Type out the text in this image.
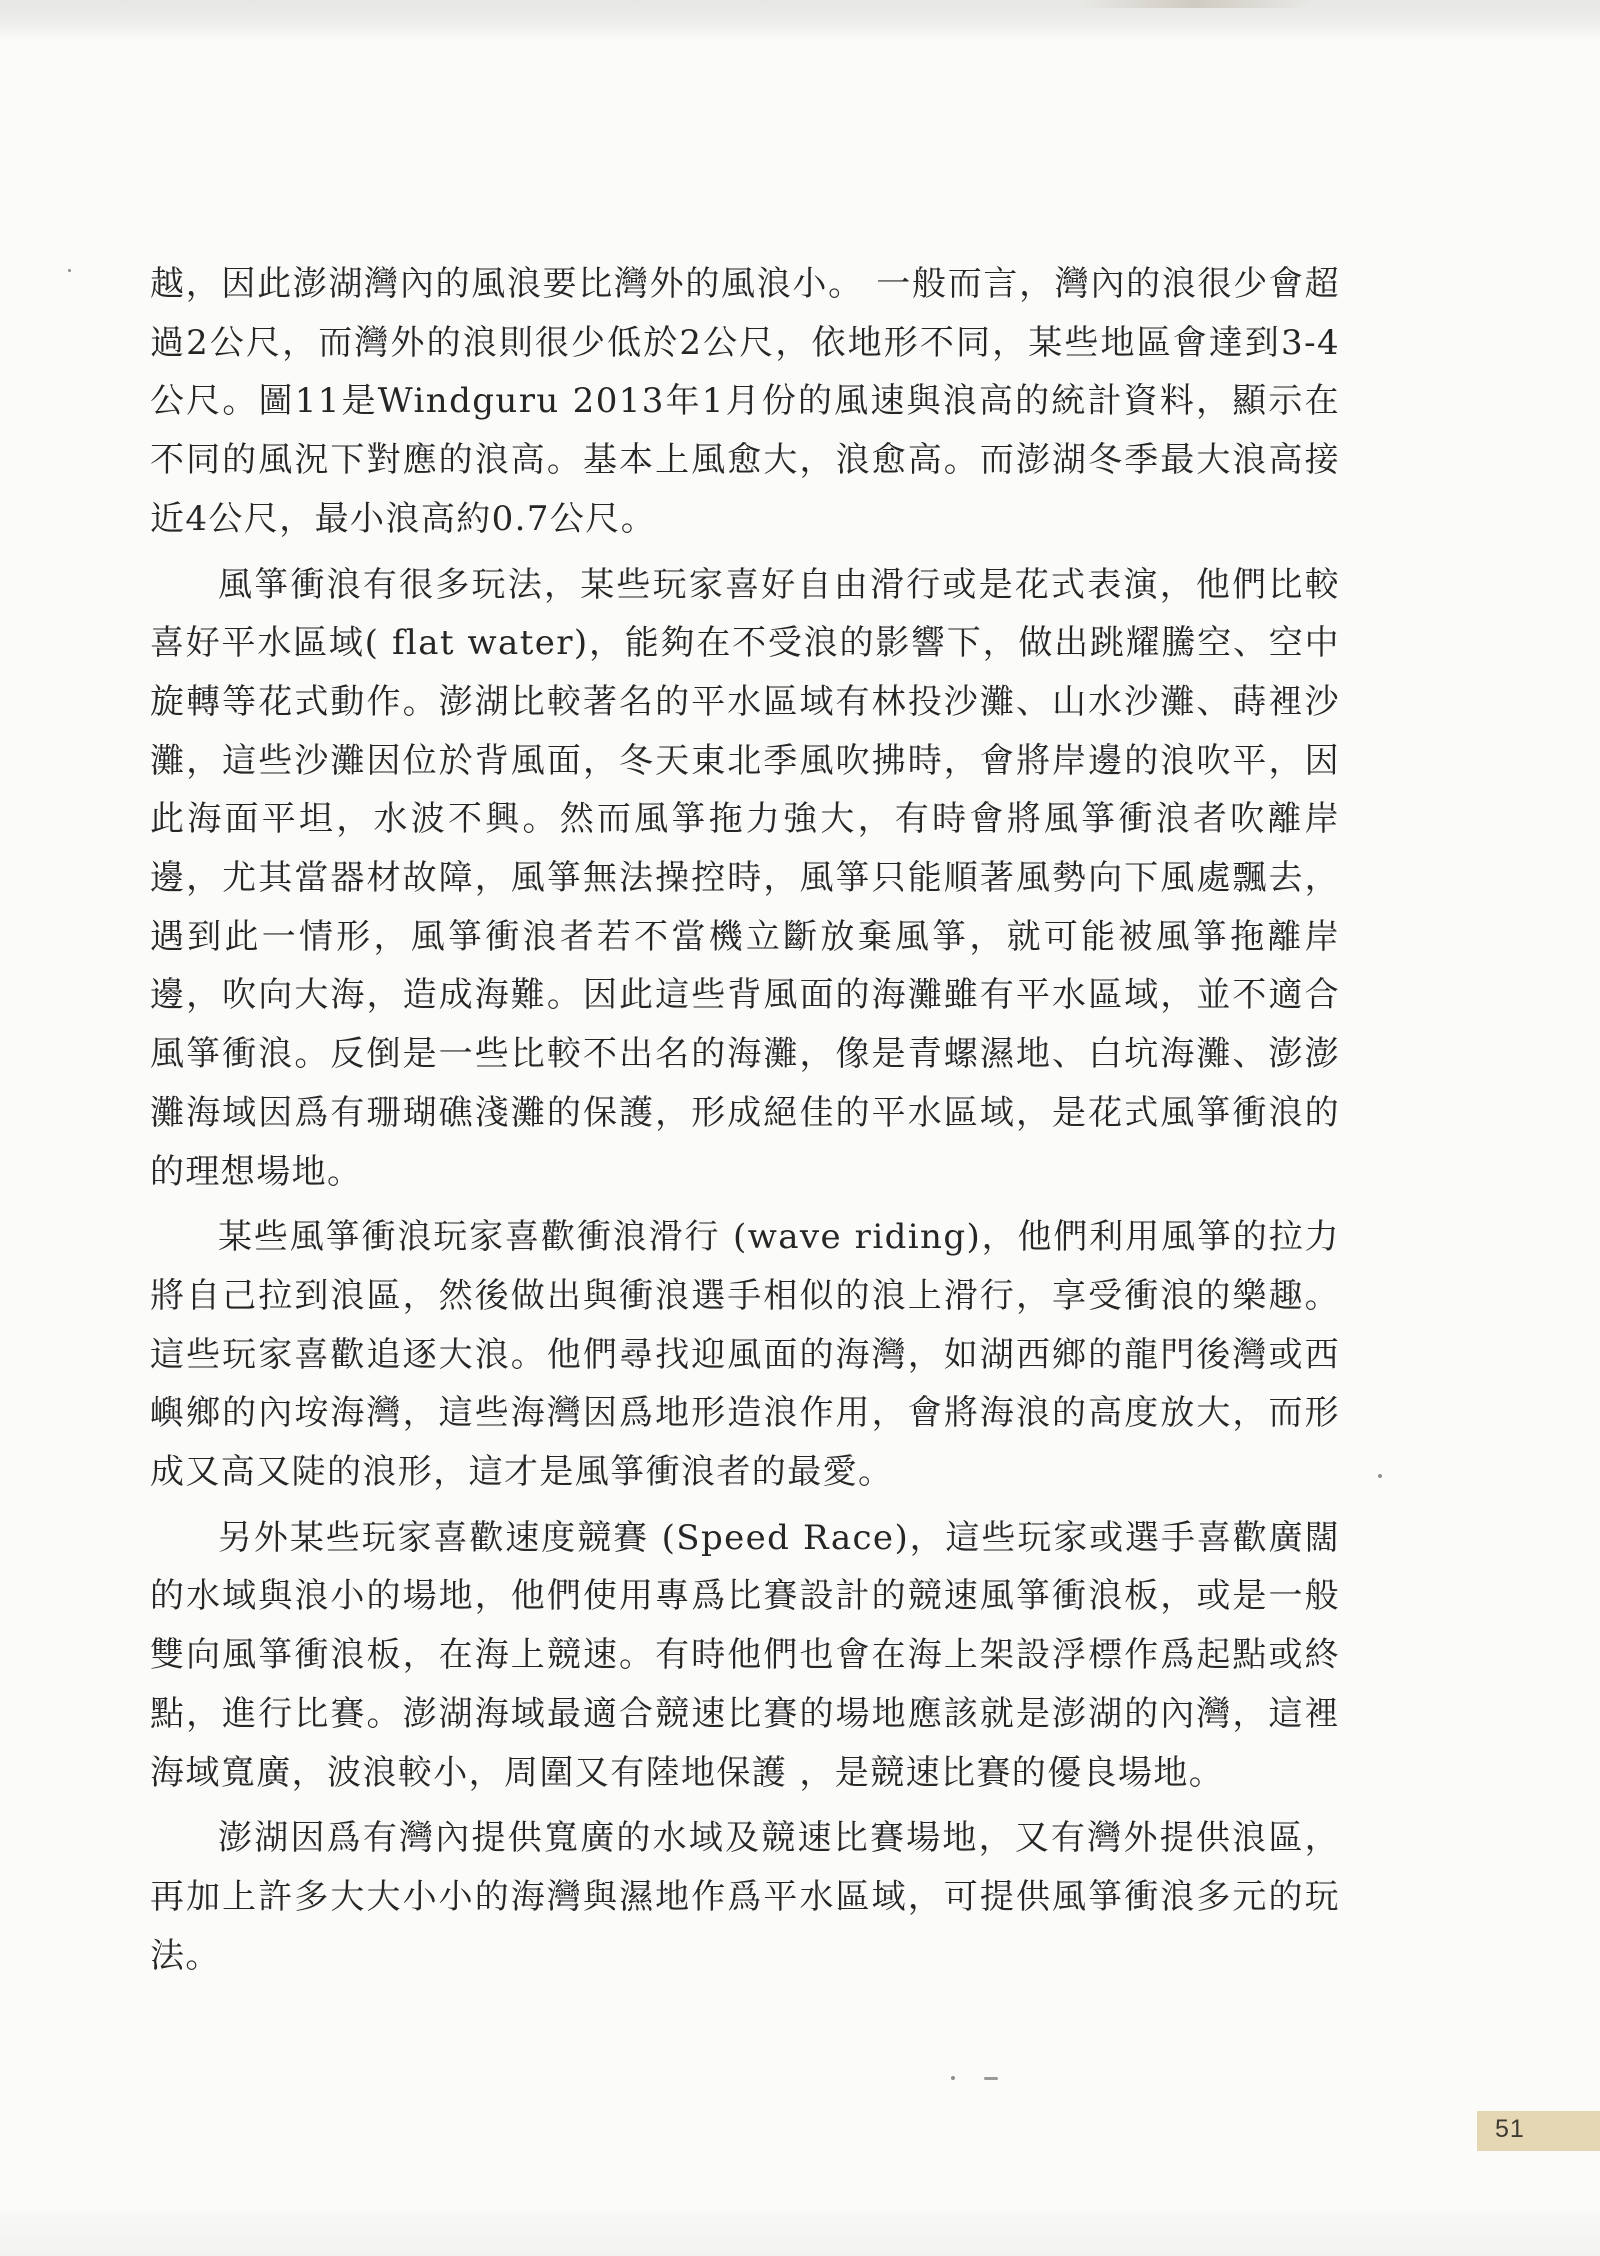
越，因此澎湖灣內的風浪要比灣外的風浪小。 一般而言，灣內的浪很少會超過2公尺，而灣外的浪則很少低於2公尺，依地形不同，某些地區會達到3-4公尺。圖11是Windguru 2013年1月份的風速與浪高的統計資料，顯示在不同的風況下對應的浪高。基本上風愈大，浪愈高。而澎湖冬季最大浪高接近4公尺，最小浪高約0.7公尺。

風箏衝浪有很多玩法，某些玩家喜好自由滑行或是花式表演，他們比較喜好平水區域( flat water)，能夠在不受浪的影響下，做出跳耀騰空、空中旋轉等花式動作。澎湖比較著名的平水區域有林投沙灘、山水沙灘、蒔裡沙灘，這些沙灘因位於背風面，冬天東北季風吹拂時，會將岸邊的浪吹平，因此海面平坦，水波不興。然而風箏拖力強大，有時會將風箏衝浪者吹離岸邊，尤其當器材故障，風箏無法操控時，風箏只能順著風勢向下風處飄去，遇到此一情形，風箏衝浪者若不當機立斷放棄風箏，就可能被風箏拖離岸邊，吹向大海，造成海難。因此這些背風面的海灘雖有平水區域，並不適合風箏衝浪。反倒是一些比較不出名的海灘，像是青螺濕地、白坑海灘、澎澎灘海域因爲有珊瑚礁淺灘的保護，形成絕佳的平水區域，是花式風箏衝浪的的理想場地。

某些風箏衝浪玩家喜歡衝浪滑行 (wave riding)，他們利用風箏的拉力將自己拉到浪區，然後做出與衝浪選手相似的浪上滑行，享受衝浪的樂趣。這些玩家喜歡追逐大浪。他們尋找迎風面的海灣，如湖西鄉的龍門後灣或西嶼鄉的內垵海灣，這些海灣因爲地形造浪作用，會將海浪的高度放大，而形成又高又陡的浪形，這才是風箏衝浪者的最愛。

另外某些玩家喜歡速度競賽 (Speed Race)，這些玩家或選手喜歡廣闊的水域與浪小的場地，他們使用專爲比賽設計的競速風箏衝浪板，或是一般雙向風箏衝浪板，在海上競速。有時他們也會在海上架設浮標作爲起點或終點，進行比賽。澎湖海域最適合競速比賽的場地應該就是澎湖的內灣，這裡海域寬廣，波浪較小，周圍又有陸地保護 ，是競速比賽的優良場地。

澎湖因爲有灣內提供寬廣的水域及競速比賽場地，又有灣外提供浪區，再加上許多大大小小的海灣與濕地作爲平水區域，可提供風箏衝浪多元的玩法。

51
